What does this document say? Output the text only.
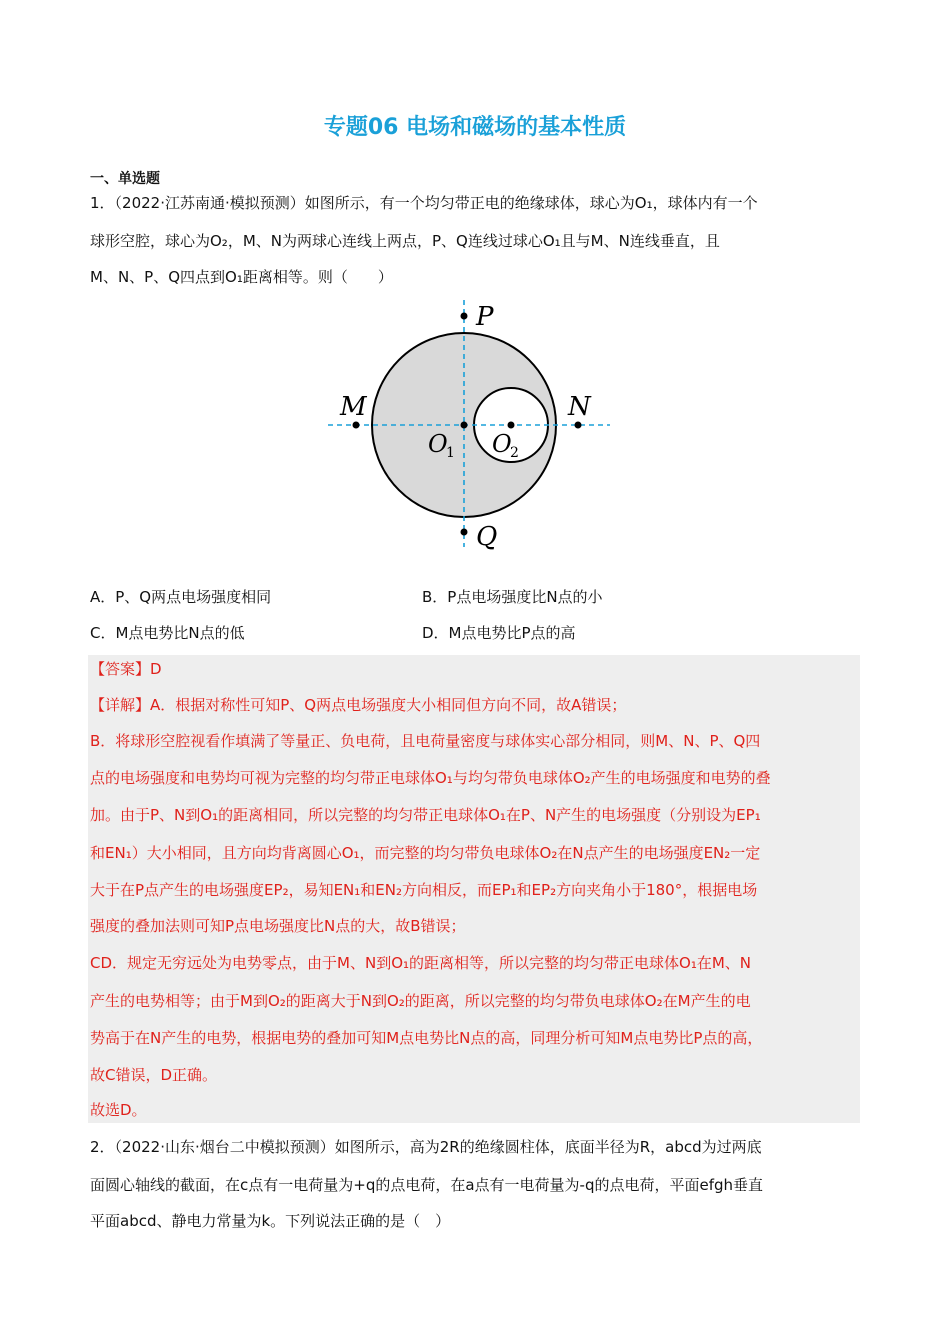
专题06 电场和磁场的基本性质
一、单选题
1．（2022·江苏南通·模拟预测）如图所示，有一个均匀带正电的绝缘球体，球心为O₁，球体内有一个
球形空腔，球心为O₂，M、N为两球心连线上两点，P、Q连线过球心O₁且与M、N连线垂直，且
M、N、P、Q四点到O₁距离相等。则（　　）
P
Q
M	N
O
1 O
2
A．P、Q两点电场强度相同	B．P点电场强度比N点的小
C．M点电势比N点的低	D．M点电势比P点的高
【答案】D
【详解】A．根据对称性可知P、Q两点电场强度大小相同但方向不同，故A错误；
B．将球形空腔视看作填满了等量正、负电荷，且电荷量密度与球体实心部分相同，则M、N、P、Q四
点的电场强度和电势均可视为完整的均匀带正电球体O₁与均匀带负电球体O₂产生的电场强度和电势的叠
加。由于P、N到O₁的距离相同，所以完整的均匀带正电球体O₁在P、N产生的电场强度（分别设为EP₁
和EN₁）大小相同，且方向均背离圆心O₁，而完整的均匀带负电球体O₂在N点产生的电场强度EN₂一定
大于在P点产生的电场强度EP₂，易知EN₁和EN₂方向相反，而EP₁和EP₂方向夹角小于180°，根据电场
强度的叠加法则可知P点电场强度比N点的大，故B错误；
CD．规定无穷远处为电势零点，由于M、N到O₁的距离相等，所以完整的均匀带正电球体O₁在M、N
产生的电势相等；由于M到O₂的距离大于N到O₂的距离，所以完整的均匀带负电球体O₂在M产生的电
势高于在N产生的电势，根据电势的叠加可知M点电势比N点的高，同理分析可知M点电势比P点的高，
故C错误，D正确。
故选D。
2．（2022·山东·烟台二中模拟预测）如图所示，高为2R的绝缘圆柱体，底面半径为R，abcd为过两底
面圆心轴线的截面，在c点有一电荷量为+q的点电荷，在a点有一电荷量为-q的点电荷，平面efgh垂直
平面abcd、静电力常量为k。下列说法正确的是（　）
